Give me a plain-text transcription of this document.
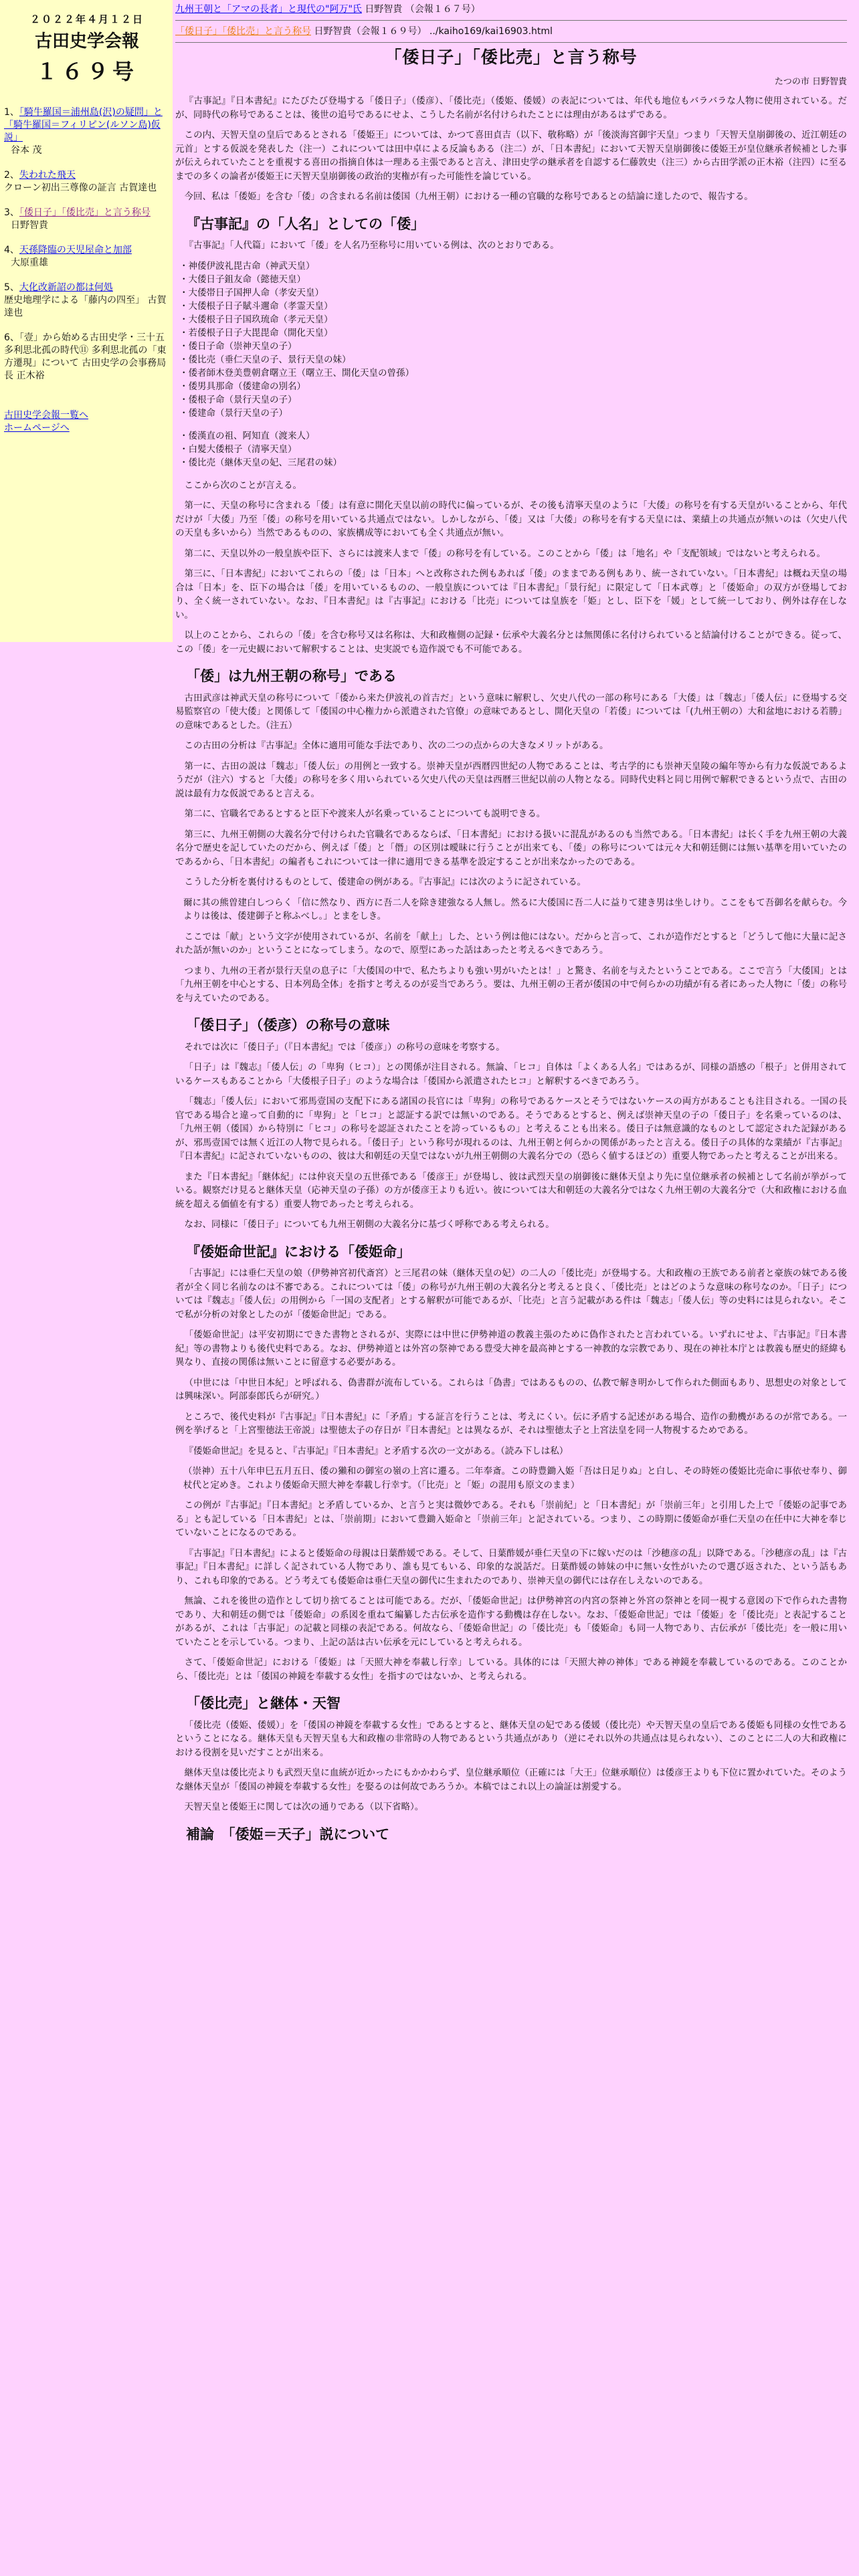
２０２２年４月１２日
古田史学会報
１６９号
1、「騎牛羅国＝浦州島(沢)の疑問」と「騎牛羅国＝フィリピン(ルソン島)仮説」
谷本 茂
2、失われた飛天
クローン初出三尊像の証言 古賀達也
3、「倭日子」「倭比売」と言う称号
日野智貴
4、天孫降臨の天児屋命と加部
大原重雄
5、大化改新詔の都は何処
歴史地理学による「藤内の四至」 古賀達也
6、「壹」から始める古田史学・三十五
多利思北孤の時代⑪ 多利思北孤の「東方遷現」について 古田史学の会事務局長 正木裕
古田史学会報一覧へ
ホームページへ
九州王朝と「アマの長者」と現代の"阿万"氏 日野智貴 （会報１６７号）
「倭日子」「倭比売」と言う称号 日野智貴（会報１６９号） ../kaiho169/kai16903.html
「倭日子」「倭比売」と言う称号
たつの市 日野智貴

『古事記』『日本書紀』にたびたび登場する「倭日子」（倭彦）、「倭比売」（倭姫、倭媛）の表記については、年代も地位もバラバラな人物に使用されている。だが、同時代の称号であることは、後世の追号であるにせよ、こうした名前が名付けられたことには理由があるはずである。

この内、天智天皇の皇后であるとされる「倭姫王」については、かつて喜田貞吉（以下、敬称略）が「後淡海宮御宇天皇」つまり「天智天皇崩御後の、近江朝廷の元首」とする仮説を発表した（注一）これについては田中卓による反論もある（注二）が、「日本書紀」において天智天皇崩御後に倭姫王が皇位継承者候補とした事が伝えられていたことを重視する喜田の指摘自体は一理ある主張であると言え、津田史学の継承者を自認する仁藤敦史（注三）から古田学派の正木裕（注四）に至るまでの多くの論者が倭姫王に天智天皇崩御後の政治的実権が有った可能性を論じている。

今回、私は「倭姫」を含む「倭」の含まれる名前は倭国（九州王朝）における一種の官職的な称号であるとの結論に達したので、報告する。

『古事記』の「人名」としての「倭」

『古事記』「人代篇」において「倭」を人名乃至称号に用いている例は、次のとおりである。

・神倭伊波礼毘古命（神武天皇）
・大倭日子鉏友命（懿徳天皇）
・大倭帯日子国押人命（孝安天皇）
・大倭根子日子賦斗邇命（孝霊天皇）
・大倭根子日子国玖琉命（孝元天皇）
・若倭根子日子大毘毘命（開化天皇）
・倭日子命（崇神天皇の子）
・倭比売（垂仁天皇の子、景行天皇の妹）
・倭者師木登美豊朝倉曙立王（曙立王、開化天皇の曾孫）
・倭男具那命（倭建命の別名）
・倭根子命（景行天皇の子）
・倭建命（景行天皇の子）
・倭漢直の祖、阿知直（渡来人）
・白髪大倭根子（清寧天皇）
・倭比売（継体天皇の妃、三尾君の妹）

ここから次のことが言える。

第一に、天皇の称号に含まれる「倭」は有意に開化天皇以前の時代に偏っているが、その後も清寧天皇のように「大倭」の称号を有する天皇がいることから、年代だけが「大倭」乃至「倭」の称号を用いている共通点ではない。しかしながら、「倭」又は「大倭」の称号を有する天皇には、業績上の共通点が無いのは（欠史八代の天皇も多いから）当然であるものの、家族構成等においても全く共通点が無い。

第二に、天皇以外の一般皇族や臣下、さらには渡来人まで「倭」の称号を有している。このことから「倭」は「地名」や「支配領域」ではないと考えられる。

第三に、「日本書紀」においてこれらの「倭」は「日本」へと改称された例もあれば「倭」のままである例もあり、統一されていない。「日本書紀」は概ね天皇の場合は「日本」を、臣下の場合は「倭」を用いているものの、一般皇族については『日本書紀』「景行紀」に限定して「日本武尊」と「倭姫命」の双方が登場しており、全く統一されていない。なお、『日本書紀』は『古事記』における「比売」については皇族を「姫」とし、臣下を「媛」として統一しており、例外は存在しない。

以上のことから、これらの「倭」を含む称号又は名称は、大和政権側の記録・伝承や大義名分とは無関係に名付けられていると結論付けることができる。従って、この「倭」を一元史観において解釈することは、史実説でも造作説でも不可能である。

「倭」は九州王朝の称号」である

古田武彦は神武天皇の称号について「倭から来た伊波礼の首吉だ」という意味に解釈し、欠史八代の一部の称号にある「大倭」は「魏志」「倭人伝」に登場する交易監察官の「使大倭」と関係して「倭国の中心権力から派遣された官僚」の意味であるとし、開化天皇の「若倭」については「(九州王朝の）大和盆地における若勝」の意味であるとした。（注五）

この古田の分析は『古事記』全体に適用可能な手法であり、次の二つの点からの大きなメリットがある。

第一に、古田の説は「魏志」「倭人伝」の用例と一致する。崇神天皇が西暦四世紀の人物であることは、考古学的にも崇神天皇陵の編年等から有力な仮説であるようだが（注六）すると「大倭」の称号を多く用いられている欠史八代の天皇は西暦三世紀以前の人物となる。同時代史料と同じ用例で解釈できるという点で、古田の説は最有力な仮説であると言える。

第二に、官職名であるとすると臣下や渡来人が名乗っていることについても説明できる。

第三に、九州王朝側の大義名分で付けられた官職名であるならば、「日本書紀」における扱いに混乱があるのも当然である。「日本書紀」は长く手を九州王朝の大義名分で歴史を記していたのだから、例えば「倭」と「僭」の区別は曖昧に行うことが出来ても、「倭」の称号については元々大和朝廷側には無い基準を用いていたのであるから、「日本書紀」の編者もこれについては一律に適用できる基準を設定することが出来なかったのである。

こうした分析を裏付けるものとして、倭建命の例がある。『古事記』には次のように記されている。

爾に其の熊曽建白しつらく「信に然なり、西方に吾二人を除き建強なる人無し。然るに大倭国に吾二人に益りて建き男は坐しけり。ここをもて吾御名を献らむ。今よりは後は、倭建御子と称ふべし。」とまをしき。

ここでは「献」という文字が使用されているが、名前を「献上」した、という例は他にはない。だからと言って、これが造作だとすると「どうして他に大量に記された話が無いのか」ということになってしまう。なので、原型にあった話はあったと考えるべきであろう。

つまり、九州の王者が景行天皇の息子に「大倭国の中で、私たちよりも強い男がいたとは！」と驚き、名前を与えたということである。ここで言う「大倭国」とは「九州王朝を中心とする、日本列島全体」を指すと考えるのが妥当であろう。要は、九州王朝の王者が倭国の中で何らかの功績が有る者にあった人物に「倭」の称号を与えていたのである。

「倭日子」（倭彦）の称号の意味

それでは次に「倭日子」（『日本書紀』では「倭彦」）の称号の意味を考察する。

「日子」は『魏志』「倭人伝」の「卑狗（ヒコ）」との関係が注目される。無論、「ヒコ」自体は「よくある人名」ではあるが、同様の語感の「根子」と併用されているケースもあることから「大倭根子日子」のような場合は「倭国から派遣されたヒコ」と解釈するべきであろう。

「魏志」「倭人伝」において邪馬壹国の支配下にある諸国の長官には「卑狗」の称号であるケースとそうではないケースの両方があることも注目される。一国の長官である場合と違って自動的に「卑狗」と「ヒコ」と認証する訳では無いのである。そうであるとすると、例えば崇神天皇の子の「倭日子」を名乗っているのは、「九州王朝（倭国）から特別に「ヒコ」の称号を認証されたことを誇っているもの」と考えることも出来る。倭日子は無意識的なものとして認定された記録があるが、邪馬壹国では無く近江の人物で見られる。「倭日子」という称号が現れるのは、九州王朝と何らかの関係があったと言える。倭日子の具体的な業績が『古事記』『日本書紀』に記されていないものの、彼は大和朝廷の天皇ではないが九州王朝側の大義名分での（恐らく値するほどの）重要人物であったと考えることが出来る。

また『日本書紀』「継体紀」には仲哀天皇の五世孫である「倭彦王」が登場し、彼は武烈天皇の崩御後に継体天皇より先に皇位継承者の候補として名前が挙がっている。観察だけ見ると継体天皇（応神天皇の子孫）の方が倭彦王よりも近い。彼については大和朝廷の大義名分ではなく九州王朝の大義名分で（大和政権における血統を超える価値を有する）重要人物であったと考えられる。

なお、同様に「倭日子」についても九州王朝側の大義名分に基づく呼称である考えられる。

『倭姫命世記』における「倭姫命」

「古事記」には垂仁天皇の娘（伊勢神宮初代斎宮）と三尾君の妹（継体天皇の妃）の二人の「倭比売」が登場する。大和政権の王族である前者と豪族の妹である後者が全く同じ名前なのは不審である。これについては「倭」の称号が九州王朝の大義名分と考えると良く、「倭比売」とはどのような意味の称号なのか。「日子」については『魏志』「倭人伝」の用例から「一国の支配者」とする解釈が可能であるが、「比売」と言う記載がある件は「魏志」「倭人伝」等の史料には見られない。そこで私が分析の対象としたのが「倭姫命世記」である。

「倭姫命世記」は平安初期にできた書物とされるが、実際には中世に伊勢神道の教義主張のために偽作されたと言われている。いずれにせよ、『古事記』『日本書紀』等の書物よりも後代史料である。なお、伊勢神道とは外宮の祭神である豊受大神を最高神とする一神教的な宗教であり、現在の神社本庁とは教義も歴史的経緯も異なり、直接の関係は無いことに留意する必要がある。

（中世には「中世日本紀」と呼ばれる、偽書群が流布している。これらは「偽書」ではあるものの、仏教で解き明かして作られた側面もあり、思想史の対象としては興味深い。阿部泰郎氏らが研究。）

ところで、後代史料が『古事記』『日本書紀』に「矛盾」する証言を行うことは、考えにくい。伝に矛盾する記述がある場合、造作の動機があるのが常である。一例を挙げると「上宮聖徳法王帝説」は聖徳太子の存日が『日本書紀』とは異なるが、それは聖徳太子と上宮法皇を同一人物視するためである。

『倭姫命世記』を見ると、『古事記』『日本書紀』と矛盾する次の一文がある。（読み下しは私）

（崇神）五十八年申巳五月五日、倭の獺和の御室の嶺の上宮に遷る。二年奉斎。この時豊鋤入姫「吾は日足りぬ」と白し、その時姪の倭姫比売命に事依せ奉り、御杖代と定めき。これより倭姫命天照大神を奉載し行幸す。（「比売」と「姫」の混用も原文のまま）

この例が『古事記』『日本書紀』と矛盾しているか、と言うと実は微妙である。それも「崇前紀」と「日本書紀」が「崇前三年」と引用した上で「倭姫の記事である」とも記している「日本書紀」とは、「崇前期」において豊鋤入姫命と「崇前三年」と記されている。つまり、この時期に倭姫命が垂仁天皇の在任中に大神を奉じていないことになるのである。

『古事記』『日本書紀』によると倭姫命の母親は日葉酢媛である。そして、日葉酢媛が垂仁天皇の下に嫁いだのは「沙穂彦の乱」以降である。「沙穂彦の乱」は『古事記』『日本書紀』に詳しく記されている人物であり、誰も見てもいる、印象的な説話だ。日葉酢媛の姉妹の中に無い女性がいたので選び返された、という話もあり、これも印象的である。どう考えても倭姫命は垂仁天皇の御代に生まれたのであり、崇神天皇の御代には存在しえないのである。

無論、これを後世の造作として切り捨てることは可能である。だが、「倭姫命世記」は伊勢神宮の内宮の祭神と外宮の祭神とを同一視する意図の下で作られた書物であり、大和朝廷の側では「倭姫命」の系図を重ねて編纂した古伝承を造作する動機は存在しない。なお、「倭姫命世記」では「倭姫」を「倭比売」と表記することがあるが、これは「古事記」の記載と同様の表記である。何故なら、「倭姫命世記」の「倭比売」も「倭姫命」も同一人物であり、古伝承が「倭比売」を一般に用いていたことを示している。つまり、上記の話は古い伝承を元にしていると考えられる。

さて、「倭姫命世記」における「倭姫」は「天照大神を奉載し行幸」している。具体的には「天照大神の神体」である神鏡を奉載しているのである。このことから、「倭比売」とは「倭国の神鏡を奉載する女性」を指すのではないか、と考えられる。

「倭比売」と継体・天智

「倭比売（倭姫、倭媛）」を「倭国の神鏡を奉載する女性」であるとすると、継体天皇の妃である倭媛（倭比売）や天智天皇の皇后である倭姫も同様の女性であるということになる。継体天皇も天智天皇も大和政権の非常時の人物であるという共通点があり（逆にそれ以外の共通点は見られない）、このことに二人の大和政権における役割を見いだすことが出来る。

継体天皇は倭比売よりも武烈天皇に血統が近かったにもかかわらず、皇位継承順位（正確には「大王」位継承順位）は倭彦王よりも下位に置かれていた。そのような継体天皇が「倭国の神鏡を奉載する女性」を娶るのは何故であろうか。本稿ではこれ以上の論証は割愛する。

天智天皇と倭姫王に関しては次の通りである（以下省略）。

補論　「倭姫＝天子」説について
